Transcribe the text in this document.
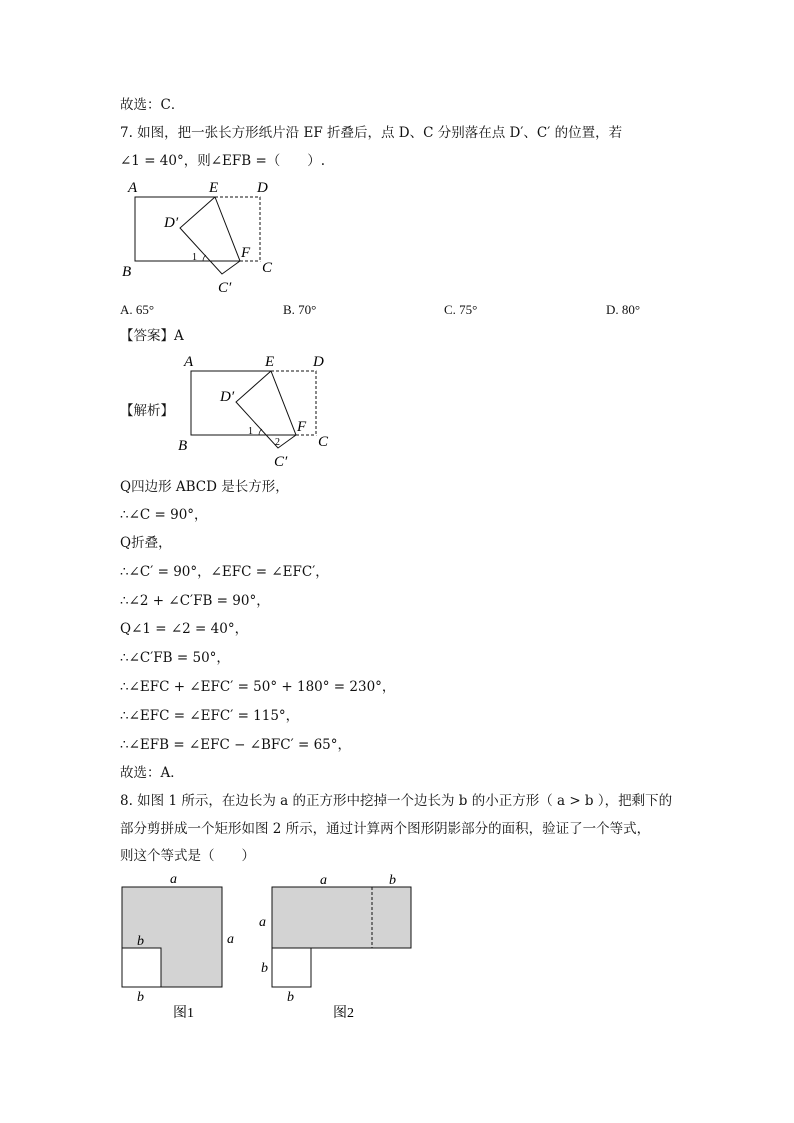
故选：C．
7. 如图，把一张长方形纸片沿 EF 折叠后，点 D、C 分别落在点 D′、C′ 的位置，若
∠1 = 40°，则∠EFB =（　　）.
A	E	D
D′
F
B	C
C′
1
A. 65°	B. 70°	C. 75°	D. 80°
【答案】A
【解析】
A	E	D
D′
F
B	C
C′
1
2
Q四边形 ABCD 是长方形，
∴∠C = 90°，
Q折叠，
∴∠C′ = 90°，∠EFC = ∠EFC′，
∴∠2 + ∠C′FB = 90°，
Q∠1 = ∠2 = 40°，
∴∠C′FB = 50°，
∴∠EFC + ∠EFC′ = 50° + 180° = 230°，
∴∠EFC = ∠EFC′ = 115°，
∴∠EFB = ∠EFC − ∠BFC′ = 65°，
故选：A．
8. 如图 1 所示，在边长为 a 的正方形中挖掉一个边长为 b 的小正方形（ a > b ），把剩下的
部分剪拼成一个矩形如图 2 所示，通过计算两个图形阴影部分的面积，验证了一个等式，
则这个等式是（　　）
a
a
b
b
图1
a	b
a
b
b
图2
